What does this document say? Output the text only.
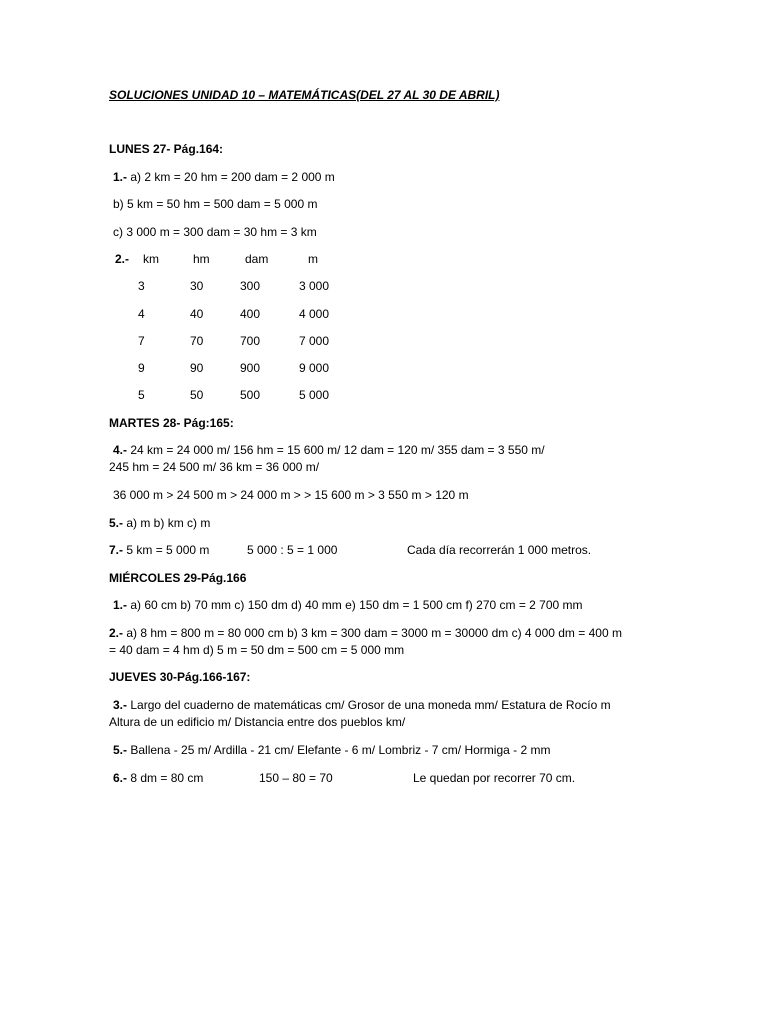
SOLUCIONES UNIDAD 10 – MATEMÁTICAS(DEL 27 AL 30 DE ABRIL)
LUNES 27- Pág.164:
1.- a) 2 km = 20 hm = 200 dam = 2 000 m
b) 5 km = 50 hm = 500 dam = 5 000 m
c) 3 000 m = 300 dam = 30 hm = 3 km
2.- km	hm	dam	m
3	30	300	3 000
4	40	400	4 000
7	70	700	7 000
9	90	900	9 000
5	50	500	5 000
MARTES 28- Pág:165:
4.- 24 km = 24 000 m/ 156 hm = 15 600 m/ 12 dam = 120 m/ 355 dam = 3 550 m/
245 hm = 24 500 m/ 36 km = 36 000 m/
36 000 m > 24 500 m > 24 000 m > > 15 600 m > 3 550 m > 120 m
5.- a) m b) km c) m
7.- 5 km = 5 000 m	5 000 : 5 = 1 000	Cada día recorrerán 1 000 metros.
MIÉRCOLES 29-Pág.166
1.- a) 60 cm b) 70 mm c) 150 dm d) 40 mm e) 150 dm = 1 500 cm f) 270 cm = 2 700 mm
2.- a) 8 hm = 800 m = 80 000 cm b) 3 km = 300 dam = 3000 m = 30000 dm c) 4 000 dm = 400 m
= 40 dam = 4 hm d) 5 m = 50 dm = 500 cm = 5 000 mm
JUEVES 30-Pág.166-167:
3.- Largo del cuaderno de matemáticas cm/ Grosor de una moneda mm/ Estatura de Rocío m
Altura de un edificio m/ Distancia entre dos pueblos km/
5.- Ballena - 25 m/ Ardilla - 21 cm/ Elefante - 6 m/ Lombriz - 7 cm/ Hormiga - 2 mm
6.- 8 dm = 80 cm	150 – 80 = 70	Le quedan por recorrer 70 cm.
